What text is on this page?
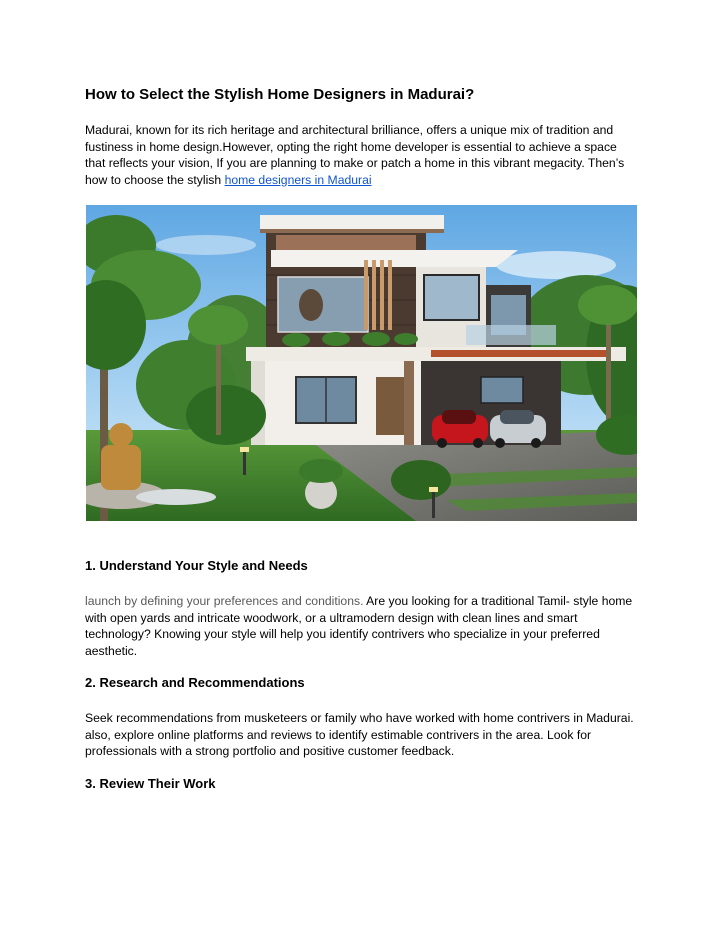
How to Select the Stylish Home Designers in Madurai?

Madurai, known for its rich heritage and architectural brilliance, offers a unique mix of tradition and fustiness in home design.However, opting the right home developer is essential to achieve a space that reflects your vision, If you are planning to make or patch a home in this vibrant megacity. Then’s how to choose the stylish home designers in Madurai

1. Understand Your Style and Needs

launch by defining your preferences and conditions. Are you looking for a traditional Tamil- style home with open yards and intricate woodwork, or a ultramodern design with clean lines and smart technology? Knowing your style will help you identify contrivers who specialize in your preferred aesthetic.

2. Research and Recommendations

Seek recommendations from musketeers or family who have worked with home contrivers in Madurai. also, explore online platforms and reviews to identify estimable contrivers in the area. Look for professionals with a strong portfolio and positive customer feedback.

3. Review Their Work
